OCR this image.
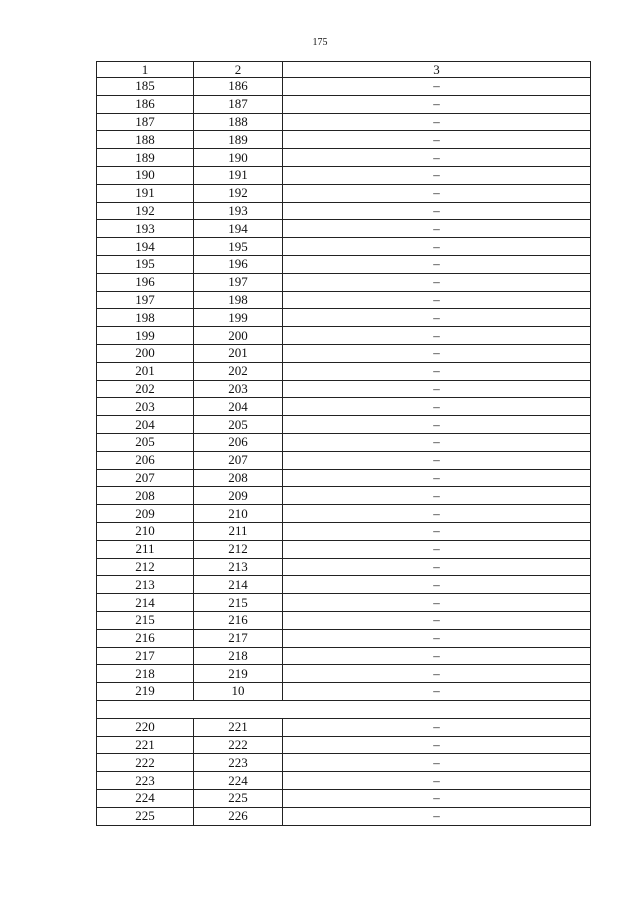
175
1	2	3
185	186	–
186	187	–
187	188	–
188	189	–
189	190	–
190	191	–
191	192	–
192	193	–
193	194	–
194	195	–
195	196	–
196	197	–
197	198	–
198	199	–
199	200	–
200	201	–
201	202	–
202	203	–
203	204	–
204	205	–
205	206	–
206	207	–
207	208	–
208	209	–
209	210	–
210	211	–
211	212	–
212	213	–
213	214	–
214	215	–
215	216	–
216	217	–
217	218	–
218	219	–
219	10	–

220	221	–
221	222	–
222	223	–
223	224	–
224	225	–
225	226	–
